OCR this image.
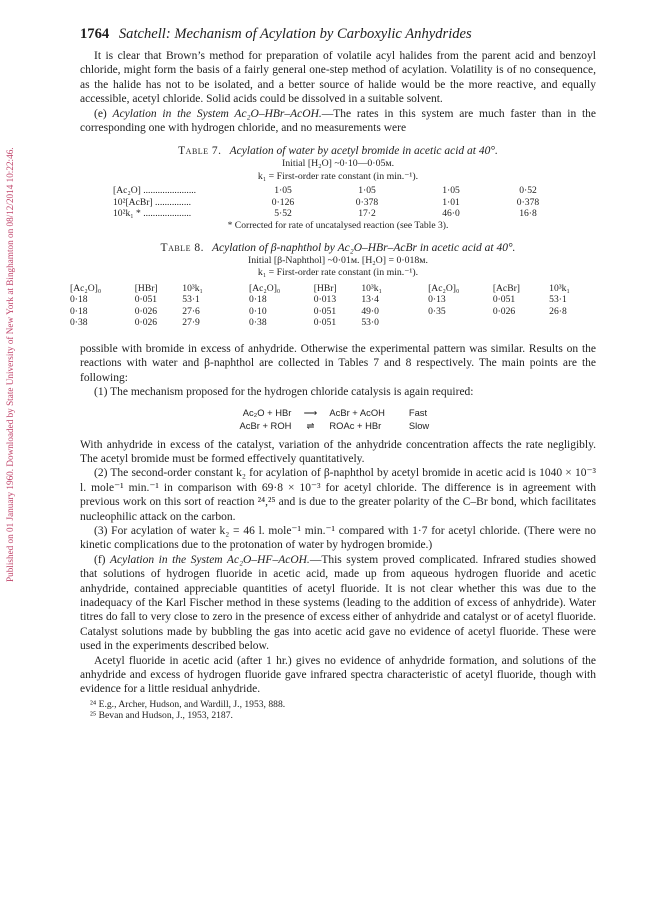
Published on 01 January 1960. Downloaded by State University of New York at Binghamton on 08/12/2014 10:22:46.
1764 Satchell: Mechanism of Acylation by Carboxylic Anhydrides

It is clear that Brown’s method for preparation of volatile acyl halides from the parent acid and benzoyl chloride, might form the basis of a fairly general one-step method of acylation. Volatility is of no consequence, as the halide has not to be isolated, and a better source of halide would be the more reactive, and equally accessible, acetyl chloride. Solid acids could be dissolved in a suitable solvent.

(e) Acylation in the System Ac₂O–HBr–AcOH.—The rates in this system are much faster than in the corresponding one with hydrogen chloride, and no measurements were

Table 7. Acylation of water by acetyl bromide in acetic acid at 40°.
Initial [H₂O] ~0·10—0·05м.
k₁ = First-order rate constant (in min.⁻¹).
[Ac₂O] ......................	1·05	1·05	1·05	0·52
10²[AcBr] ...............	0·126	0·378	1·01	0·378
10²k₁ * ....................	5·52	17·2	46·0	16·8
* Corrected for rate of uncatalysed reaction (see Table 3).
Table 8. Acylation of β-naphthol by Ac₂O–HBr–AcBr in acetic acid at 40°.
Initial [β-Naphthol] ~0·01м. [H₂O] = 0·018м.
k₁ = First-order rate constant (in min.⁻¹).
[Ac₂O]₀	[HBr]	10³k₁		[Ac₂O]₀	[HBr]	10³k₁		[Ac₂O]₀	[AcBr]	10³k₁
0·18	0·051	53·1		0·18	0·013	13·4		0·13	0·051	53·1
0·18	0·026	27·6		0·10	0·051	49·0		0·35	0·026	26·8
0·38	0·026	27·9		0·38	0·051	53·0				

possible with bromide in excess of anhydride. Otherwise the experimental pattern was similar. Results on the reactions with water and β-naphthol are collected in Tables 7 and 8 respectively. The main points are the following:

(1) The mechanism proposed for the hydrogen chloride catalysis is again required:

Ac₂O + HBr	⟶	AcBr + AcOH	Fast
AcBr + ROH	⇌	ROAc + HBr	Slow

With anhydride in excess of the catalyst, variation of the anhydride concentration affects the rate negligibly. The acetyl bromide must be formed effectively quantitatively.

(2) The second-order constant k₂ for acylation of β-naphthol by acetyl bromide in acetic acid is 1040 × 10⁻³ l. mole⁻¹ min.⁻¹ in comparison with 69·8 × 10⁻³ for acetyl chloride. The difference is in agreement with previous work on this sort of reaction ²⁴,²⁵ and is due to the greater polarity of the C–Br bond, which facilitates nucleophilic attack on the carbon.

(3) For acylation of water k₂ = 46 l. mole⁻¹ min.⁻¹ compared with 1·7 for acetyl chloride. (There were no kinetic complications due to the protonation of water by hydrogen bromide.)

(f) Acylation in the System Ac₂O–HF–AcOH.—This system proved complicated. Infrared studies showed that solutions of hydrogen fluoride in acetic acid, made up from aqueous hydrogen fluoride and acetic anhydride, contained appreciable quantities of acetyl fluoride. It is not clear whether this was due to the inadequacy of the Karl Fischer method in these systems (leading to the addition of excess of anhydride). Water titres do fall to very close to zero in the presence of excess either of anhydride and catalyst or of acetyl fluoride. Catalyst solutions made by bubbling the gas into acetic acid gave no evidence of acetyl fluoride. These were used in the experiments described below.

Acetyl fluoride in acetic acid (after 1 hr.) gives no evidence of anhydride formation, and solutions of the anhydride and excess of hydrogen fluoride gave infrared spectra characteristic of acetyl fluoride, though with evidence for a little residual anhydride.

²⁴ E.g., Archer, Hudson, and Wardill, J., 1953, 888.
²⁵ Bevan and Hudson, J., 1953, 2187.
